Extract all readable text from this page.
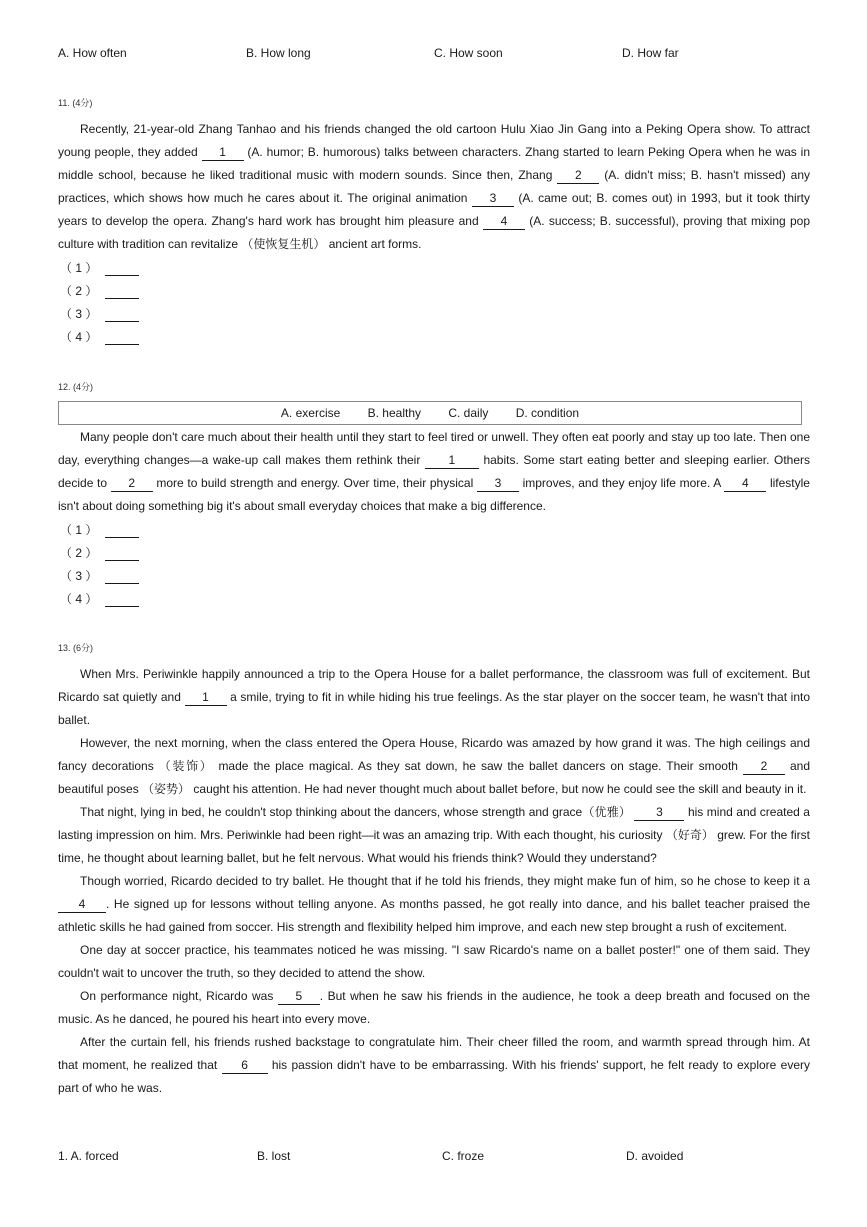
A. How often	B. How long	C. How soon	D. How far
11. (4分)

Recently, 21-year-old Zhang Tanhao and his friends changed the old cartoon Hulu Xiao Jin Gang into a Peking Opera show. To attract young people, they added 1 (A. humor; B. humorous) talks between characters. Zhang started to learn Peking Opera when he was in middle school, because he liked traditional music with modern sounds. Since then, Zhang 2 (A. didn't miss; B. hasn't missed) any practices, which shows how much he cares about it. The original animation 3 (A. came out; B. comes out) in 1993, but it took thirty years to develop the opera. Zhang's hard work has brought him pleasure and 4 (A. success; B. successful), proving that mixing pop culture with tradition can revitalize （使恢复生机） ancient art forms.

（ 1 ）
（ 2 ）
（ 3 ）
（ 4 ）
12. (4分)
A. exercise B. healthy C. daily D. condition

Many people don't care much about their health until they start to feel tired or unwell. They often eat poorly and stay up too late. Then one day, everything changes—a wake-up call makes them rethink their 1 habits. Some start eating better and sleeping earlier. Others decide to 2 more to build strength and energy. Over time, their physical 3 improves, and they enjoy life more. A 4 lifestyle isn't about doing something big it's about small everyday choices that make a big difference.

（ 1 ）
（ 2 ）
（ 3 ）
（ 4 ）
13. (6分)

When Mrs. Periwinkle happily announced a trip to the Opera House for a ballet performance, the classroom was full of excitement. But Ricardo sat quietly and 1 a smile, trying to fit in while hiding his true feelings. As the star player on the soccer team, he wasn't that into ballet.

However, the next morning, when the class entered the Opera House, Ricardo was amazed by how grand it was. The high ceilings and fancy decorations （装饰） made the place magical. As they sat down, he saw the ballet dancers on stage. Their smooth 2 and beautiful poses （姿势） caught his attention. He had never thought much about ballet before, but now he could see the skill and beauty in it.

That night, lying in bed, he couldn't stop thinking about the dancers, whose strength and grace（优雅） 3 his mind and created a lasting impression on him. Mrs. Periwinkle had been right—it was an amazing trip. With each thought, his curiosity （好奇） grew. For the first time, he thought about learning ballet, but he felt nervous. What would his friends think? Would they understand?

Though worried, Ricardo decided to try ballet. He thought that if he told his friends, they might make fun of him, so he chose to keep it a 4 . He signed up for lessons without telling anyone. As months passed, he got really into dance, and his ballet teacher praised the athletic skills he had gained from soccer. His strength and flexibility helped him improve, and each new step brought a rush of excitement.

One day at soccer practice, his teammates noticed he was missing. "I saw Ricardo's name on a ballet poster!" one of them said. They couldn't wait to uncover the truth, so they decided to attend the show.

On performance night, Ricardo was 5 . But when he saw his friends in the audience, he took a deep breath and focused on the music. As he danced, he poured his heart into every move.

After the curtain fell, his friends rushed backstage to congratulate him. Their cheer filled the room, and warmth spread through him. At that moment, he realized that 6 his passion didn't have to be embarrassing. With his friends' support, he felt ready to explore every part of who he was.

1. A. forced	B. lost	C. froze	D. avoided
